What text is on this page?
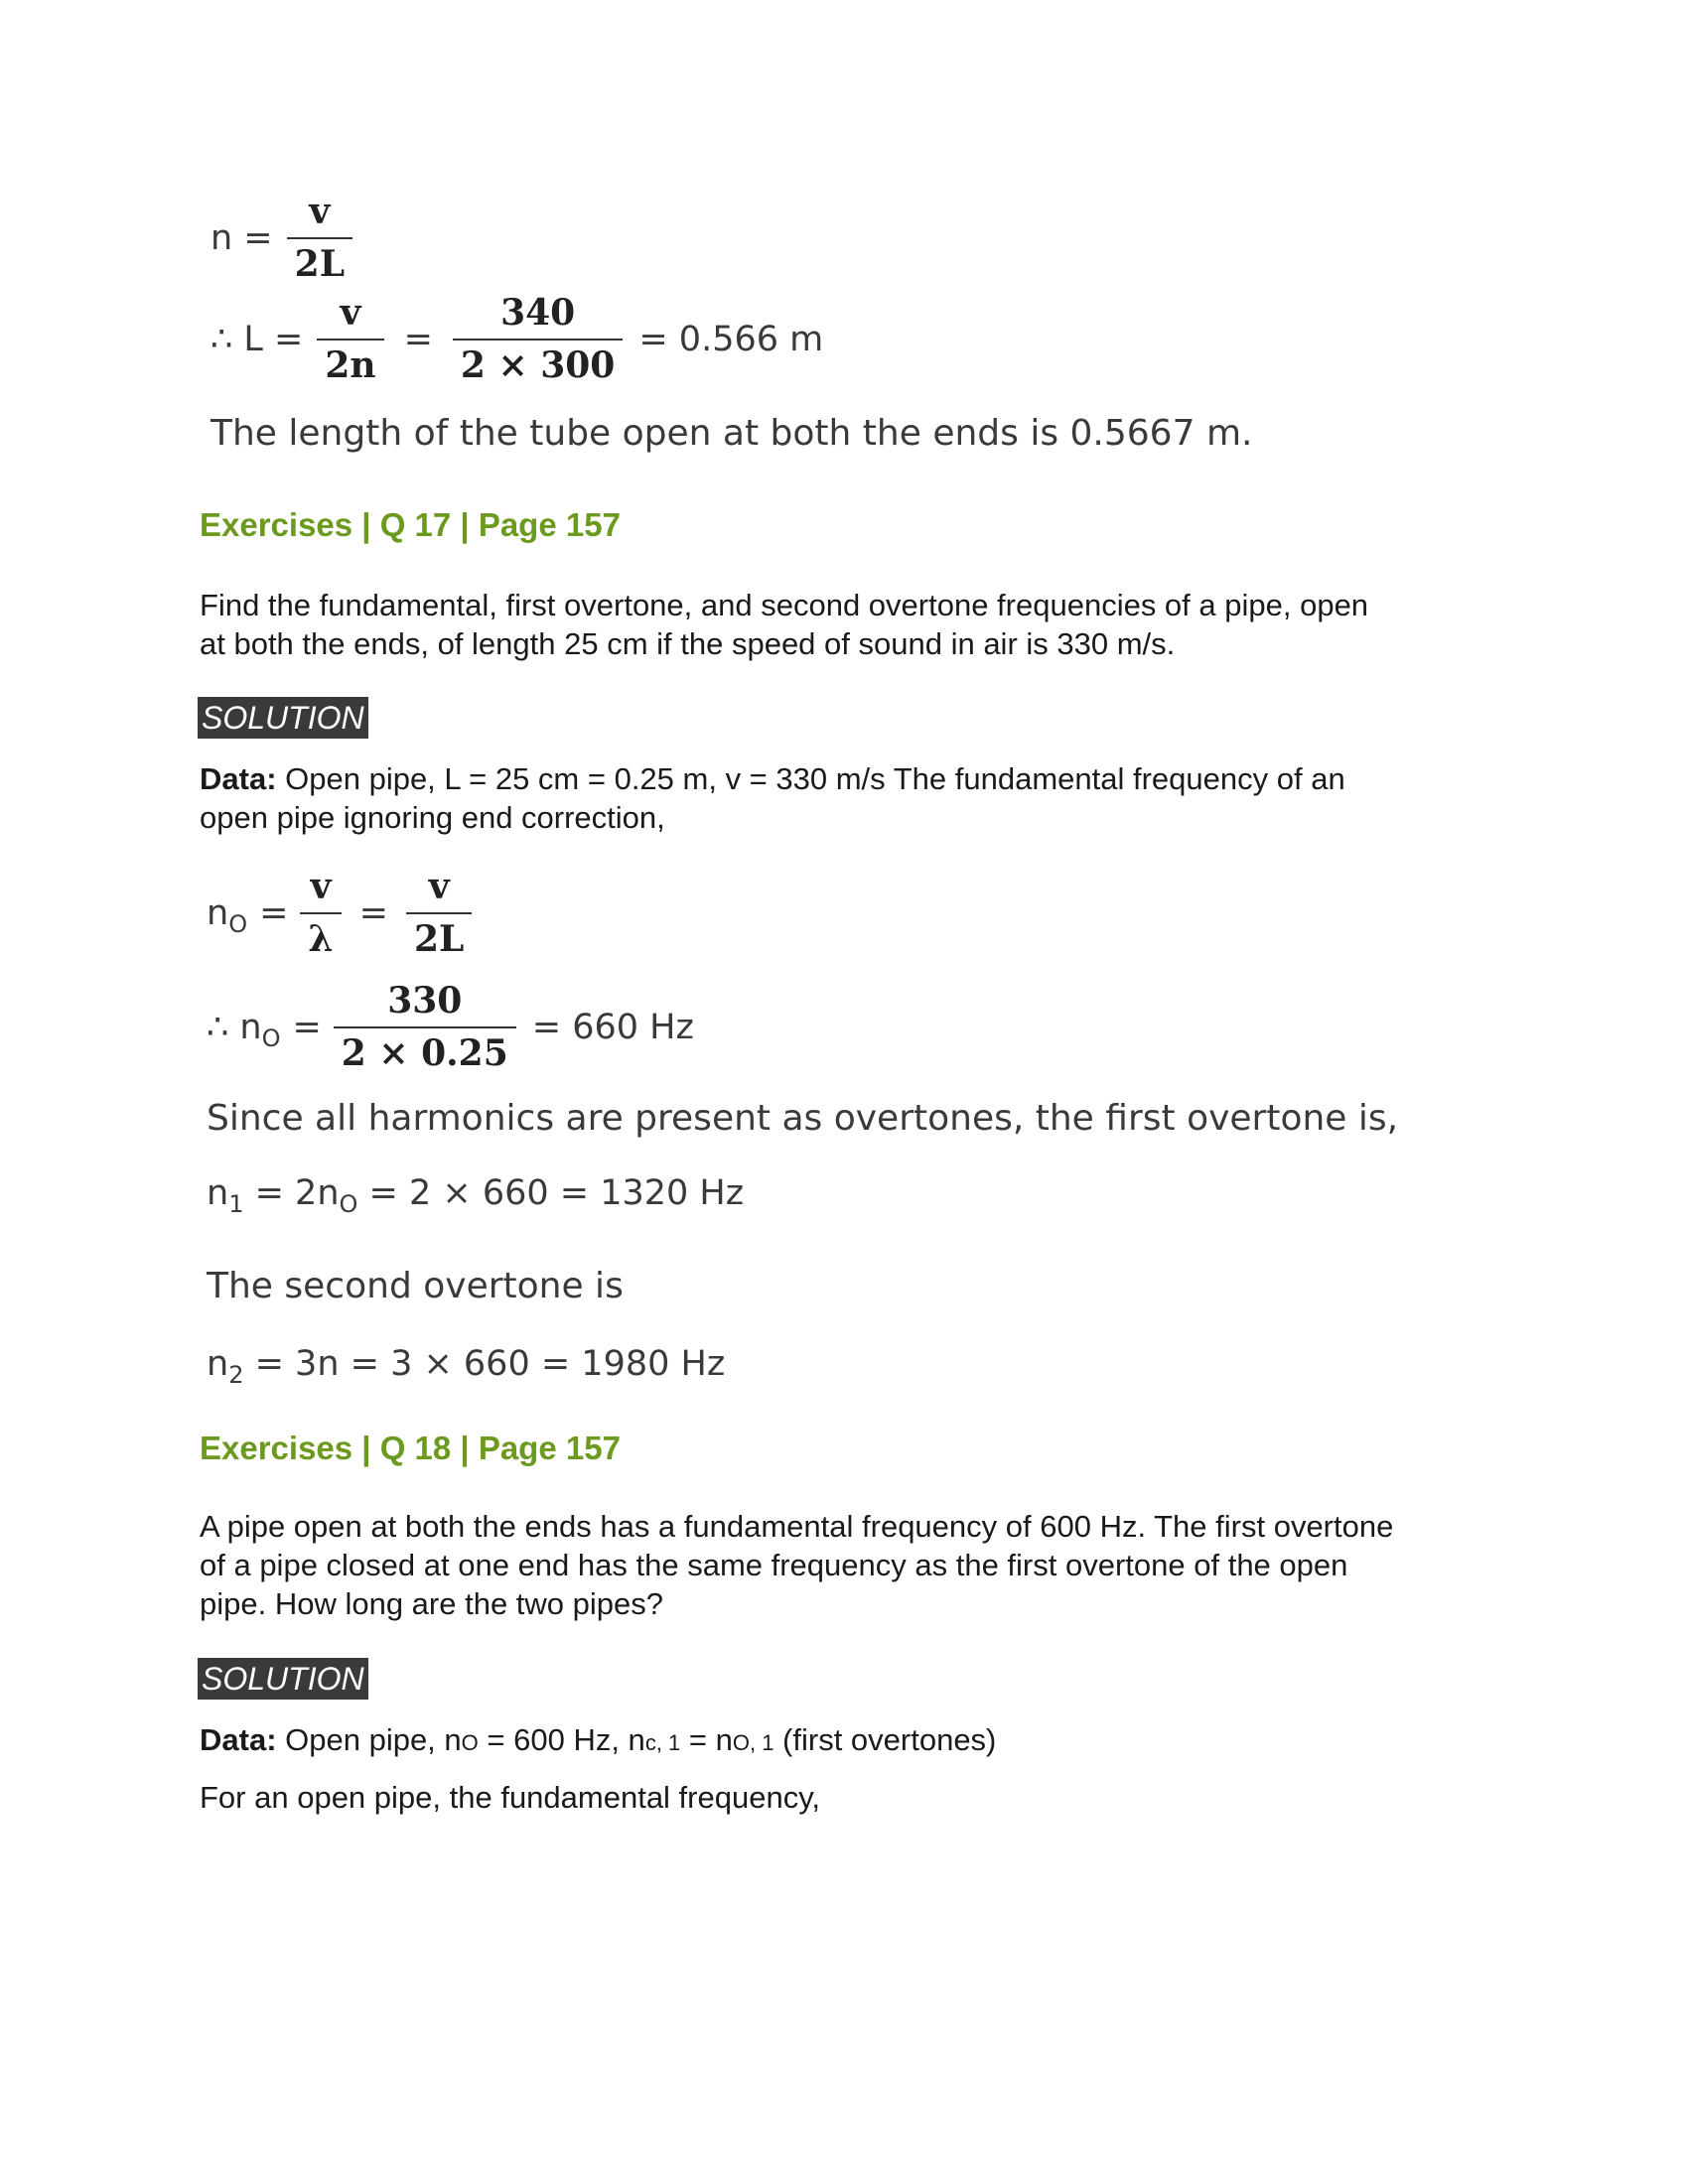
$n = \frac{v}{2L}$
∴ $L = \frac{v}{2n} = \frac{340}{2 \times 300} = 0.566$ m
The length of the tube open at both the ends is 0.5667 m.
Exercises | Q 17 | Page 157
Find the fundamental, first overtone, and second overtone frequencies of a pipe, open
at both the ends, of length 25 cm if the speed of sound in air is 330 m/s.
SOLUTION
Data: Open pipe, L = 25 cm = 0.25 m, v = 330 m/s The fundamental frequency of an
open pipe ignoring end correction,
$n_O = \frac{v}{\lambda} = \frac{v}{2L}$
∴ $n_O = \frac{330}{2 \times 0.25} = 660$ Hz
Since all harmonics are present as overtones, the first overtone is,
$n_1 = 2n_O = 2 \times 660 = 1320$ Hz
The second overtone is
$n_2 = 3n = 3 \times 660 = 1980$ Hz
Exercises | Q 18 | Page 157
A pipe open at both the ends has a fundamental frequency of 600 Hz. The first overtone
of a pipe closed at one end has the same frequency as the first overtone of the open
pipe. How long are the two pipes?
SOLUTION
Data: Open pipe, nO = 600 Hz, nc, 1 = nO, 1 (first overtones)
For an open pipe, the fundamental frequency,
